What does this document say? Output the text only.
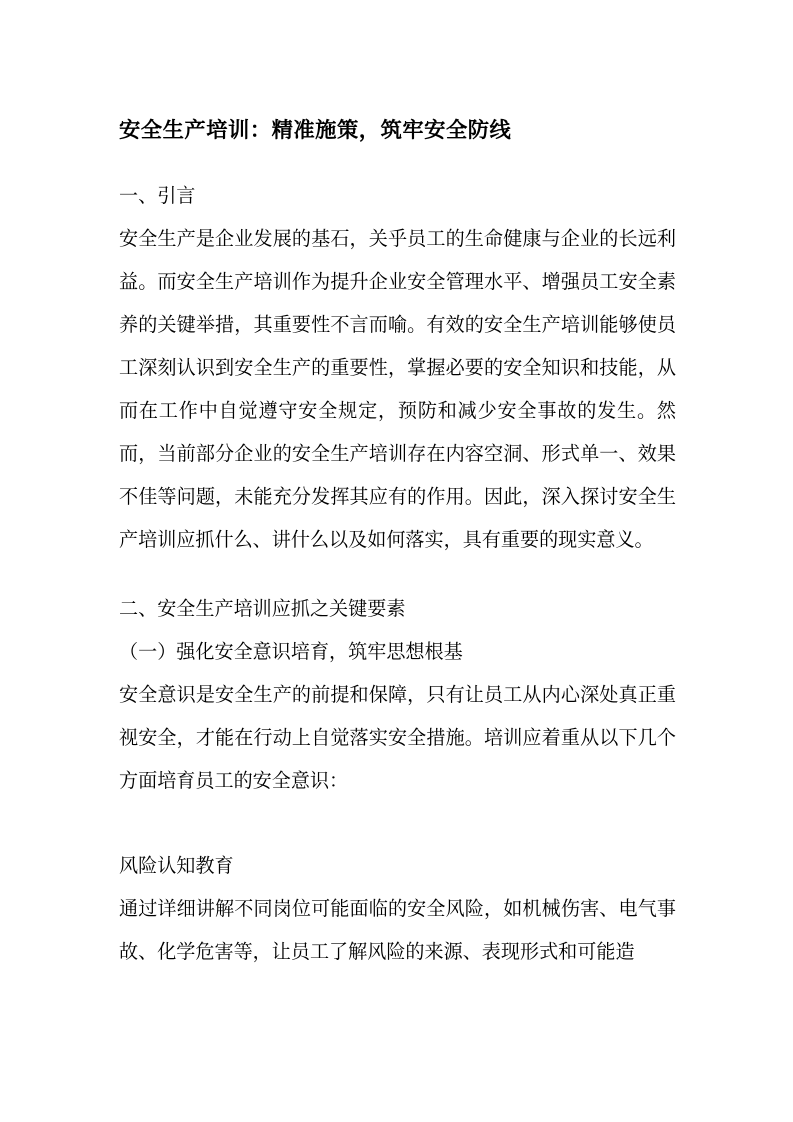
安全生产培训：精准施策，筑牢安全防线

一、引言

安全生产是企业发展的基石，关乎员工的生命健康与企业的长远利益。而安全生产培训作为提升企业安全管理水平、增强员工安全素养的关键举措，其重要性不言而喻。有效的安全生产培训能够使员工深刻认识到安全生产的重要性，掌握必要的安全知识和技能，从而在工作中自觉遵守安全规定，预防和减少安全事故的发生。然而，当前部分企业的安全生产培训存在内容空洞、形式单一、效果不佳等问题，未能充分发挥其应有的作用。因此，深入探讨安全生产培训应抓什么、讲什么以及如何落实，具有重要的现实意义。

二、安全生产培训应抓之关键要素

（一）强化安全意识培育，筑牢思想根基

安全意识是安全生产的前提和保障，只有让员工从内心深处真正重视安全，才能在行动上自觉落实安全措施。培训应着重从以下几个方面培育员工的安全意识：

风险认知教育

通过详细讲解不同岗位可能面临的安全风险，如机械伤害、电气事故、化学危害等，让员工了解风险的来源、表现形式和可能造
